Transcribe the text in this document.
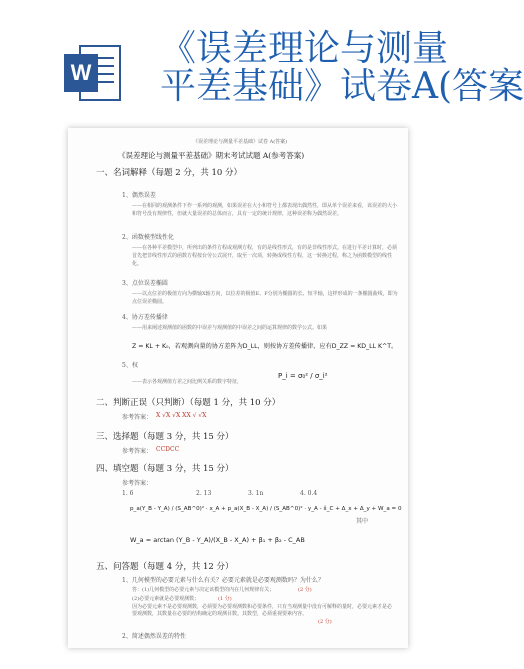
W
《误差理论与测量
平差基础》试卷A(答案
《误差理论与测量平差基础》试卷 A(答案)
《误差理论与测量平差基础》期末考试试题 A(参考答案)
一、名词解释（每题 2 分，共 10 分）
1、偶然误差
——在相同的观测条件下作一系列的观测，如果误差在大小和符号上都表现出偶然性，即从单个误差来看，该误差的大小和符号没有规律性，但就大量误差的总体而言，具有一定的统计规律，这种误差称为偶然误差。
2、函数模型线性化
——在各种平差模型中，所列出的条件方程或观测方程，有的是线性形式，有的是非线性形式。在进行平差计算时，必须首先把非线性形式的函数方程按台劳公式展开，取至一次项，转换成线性方程，这一转换过程，称之为函数模型的线性化。
3、点位误差椭圆
——以点位差的极值方向为横轴X轴方向，以位差的极值E、F分别为椭圆的长、短半轴，这样形成的一条椭圆曲线，即为点位误差椭圆。
4、协方差传播律
——用来阐述观测值的函数的中误差与观测值的中误差之间的运算规律的数学公式。如果
Z = KL + K₀，若观测向量的协方差阵为D_LL，则按协方差传播律，应有D_ZZ = KD_LL K^T。
5、权
——表示各观测值方差之间比例关系的数字特征，
P_i = σ₀² / σ_i²
二、判断正误（只判断）（每题 1 分，共 10 分）
参考答案： X √X √X XX √ √X
三、选择题（每题 3 分，共 15 分）
参考答案： CCDCC
四、填空题（每题 3 分，共 15 分）
参考答案：
1. 6	2. 13	3. 1n	4. 0.4
p_a(Y_B - Y_A) / (S_AB^0)² · x_A + p_a(X_B - X_A) / (S_AB^0)² · y_A - x̂_C + Δ_x + Δ_y + W_a = 0
其中
W_a = arctan (Y_B - Y_A)/(X_B - X_A) + β₁ + β₂ - C_AB
五、问答题（每题 4 分，共 12 分）
1、几何模型的必要元素与什么有关？必要元素就是必要观测数吗？为什么？
答：(1)几何模型的必要元素与决定该模型的内在几何规律有关；	(2 分)
(2)必要元素就是必要观测数；	(1 分)
因为必要元素不是必要观测数，必须要为必要观测数和必要条件，只有当观测量中没有可解释的量时，必要元素才是必要观测数，其数量在必要的结构确定的观测目数。其数型，必须重视要素内容。
(2 分)
2、简述偶然误差的特性
